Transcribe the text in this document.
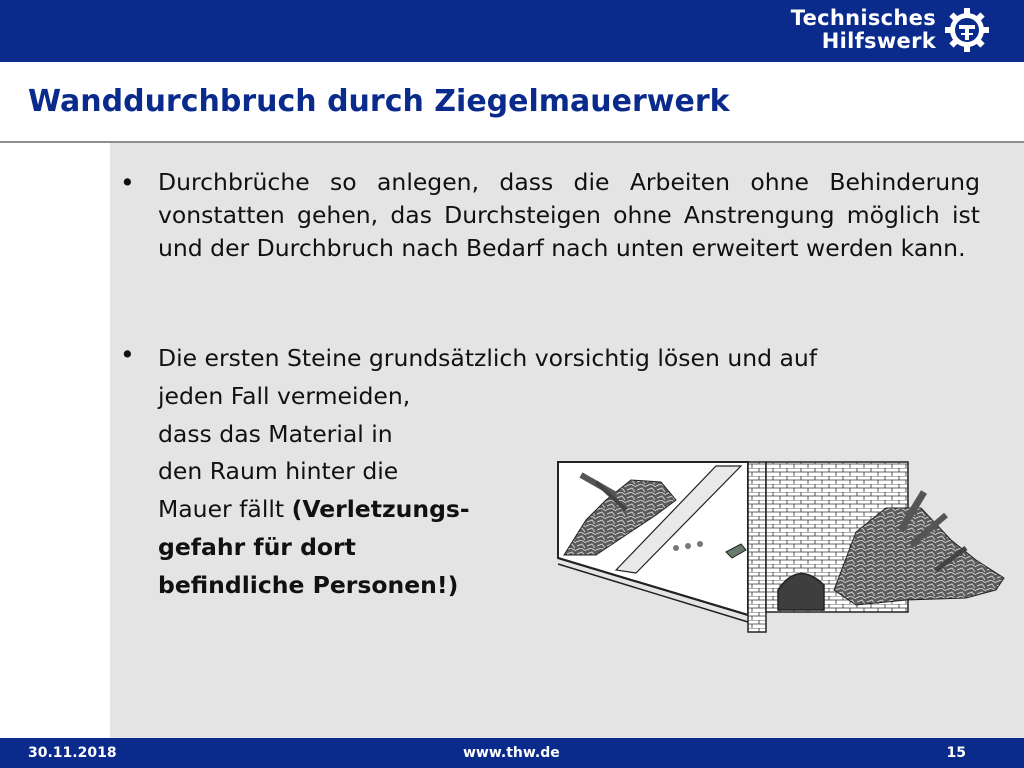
Technisches
Hilfswerk
Wanddurchbruch durch Ziegelmauerwerk
• Durchbrüche so anlegen, dass die Arbeiten ohne Behinderung vonstatten gehen, das Durchsteigen ohne Anstrengung möglich ist und der Durchbruch nach Bedarf nach unten erweitert werden kann.

• Die ersten Steine grundsätzlich vorsichtig lösen und auf
jeden Fall vermeiden,
dass das Material in
den Raum hinter die
Mauer fällt (Verletzungs-
gefahr für dort
befindliche Personen!)
30.11.2018	www.thw.de	15
